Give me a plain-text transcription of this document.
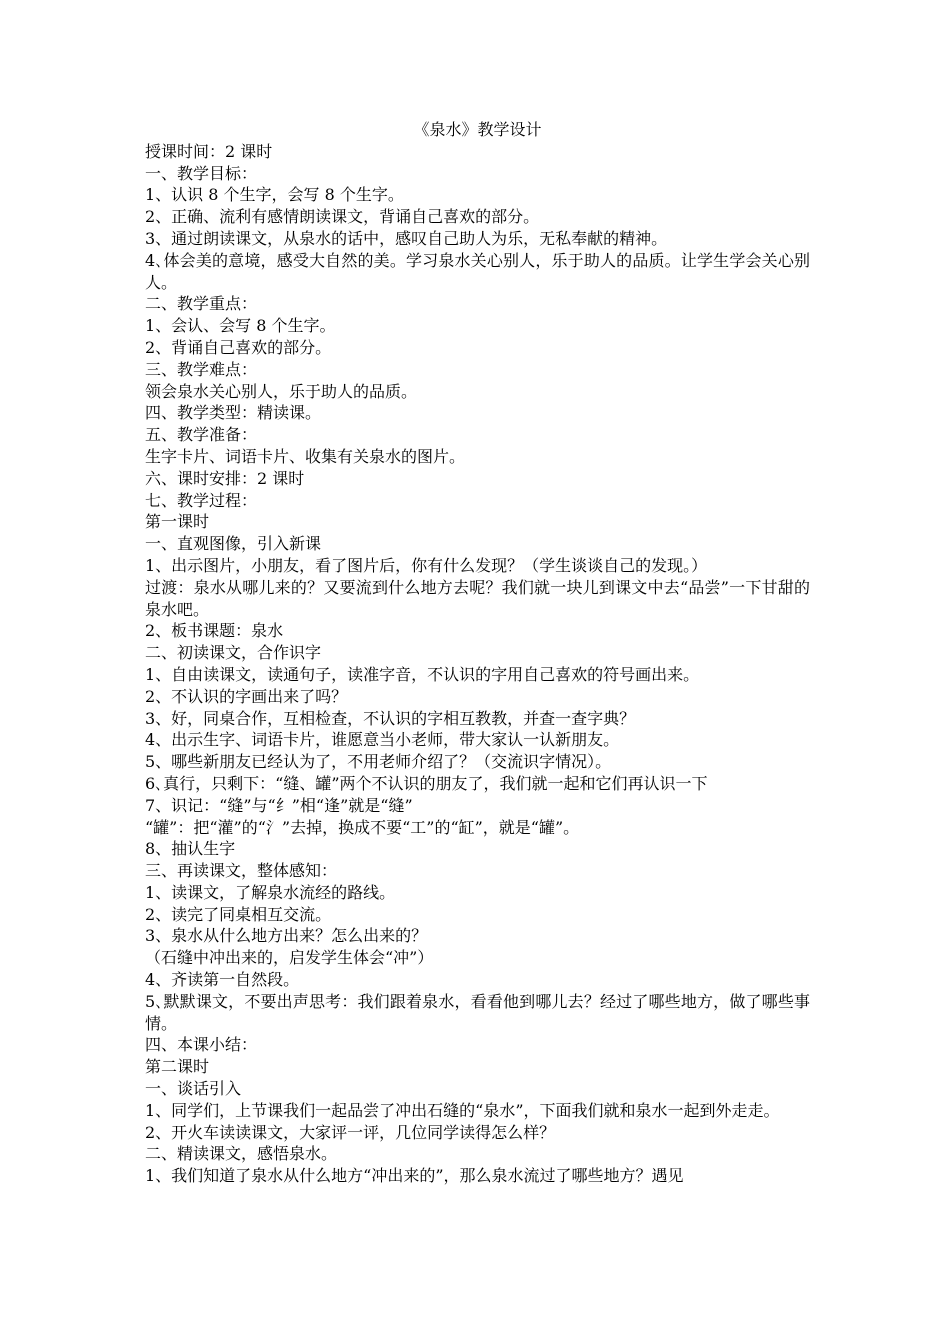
《泉水》教学设计
授课时间：2 课时
一、教学目标：
1、认识 8 个生字，会写 8 个生字。
2、正确、流利有感情朗读课文，背诵自己喜欢的部分。
3、通过朗读课文，从泉水的话中，感叹自己助人为乐，无私奉献的精神。
4､体会美的意境，感受大自然的美。学习泉水关心别人，乐于助人的品质。让学生学会关心别人。
二、教学重点：
1、会认、会写 8 个生字。
2、背诵自己喜欢的部分。
三、教学难点：
领会泉水关心别人，乐于助人的品质。
四、教学类型：精读课。
五、教学准备：
生字卡片、词语卡片、收集有关泉水的图片。
六、课时安排：2 课时
七、教学过程：
第一课时
一、直观图像，引入新课
1、出示图片，小朋友，看了图片后，你有什么发现？（学生谈谈自己的发现。）
过渡：泉水从哪儿来的？又要流到什么地方去呢？我们就一块儿到课文中去“品尝”一下甘甜的泉水吧。
2、板书课题：泉水
二、初读课文，合作识字
1、自由读课文，读通句子，读准字音，不认识的字用自己喜欢的符号画出来。
2、不认识的字画出来了吗？
3、好，同桌合作，互相检查，不认识的字相互教教，并查一查字典？
4、出示生字、词语卡片，谁愿意当小老师，带大家认一认新朋友。
5、哪些新朋友已经认为了，不用老师介绍了？（交流识字情况）。
6､真行，只剩下：“缝、罐”两个不认识的朋友了，我们就一起和它们再认识一下
7、识记：“缝”与“纟”相“逢”就是“缝”
“罐”：把“灌”的“氵”去掉，换成不要“工”的“缸”，就是“罐”。
8、抽认生字
三、再读课文，整体感知：
1、读课文，了解泉水流经的路线。
2、读完了同桌相互交流。
3、泉水从什么地方出来？怎么出来的？
（石缝中冲出来的，启发学生体会“冲”）
4、齐读第一自然段。
5､默默课文，不要出声思考：我们跟着泉水，看看他到哪儿去？经过了哪些地方，做了哪些事情。
四、本课小结：
第二课时
一、谈话引入
1、同学们，上节课我们一起品尝了冲出石缝的“泉水”，下面我们就和泉水一起到外走走。
2、开火车读读课文，大家评一评，几位同学读得怎么样？
二、精读课文，感悟泉水。
1、我们知道了泉水从什么地方“冲出来的”，那么泉水流过了哪些地方？遇见
